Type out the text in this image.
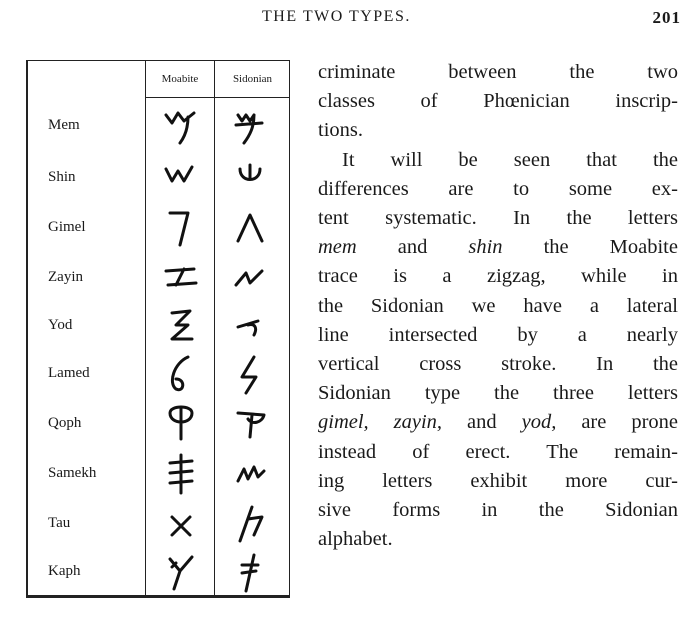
THE TWO TYPES.	201
Moabite	Sidonian
Mem
Shin
Gimel
Zayin
Yod
Lamed
Qoph
Samekh
Tau
Kaph
criminate between the two
classes of Phœnician inscrip-
tions.
It will be seen that the
differences are to some ex-
tent systematic. In the letters
mem and shin the Moabite
trace is a zigzag, while in
the Sidonian we have a lateral
line intersected by a nearly
vertical cross stroke. In the
Sidonian type the three letters
gimel, zayin, and yod, are prone
instead of erect. The remain-
ing letters exhibit more cur-
sive forms in the Sidonian
alphabet.
